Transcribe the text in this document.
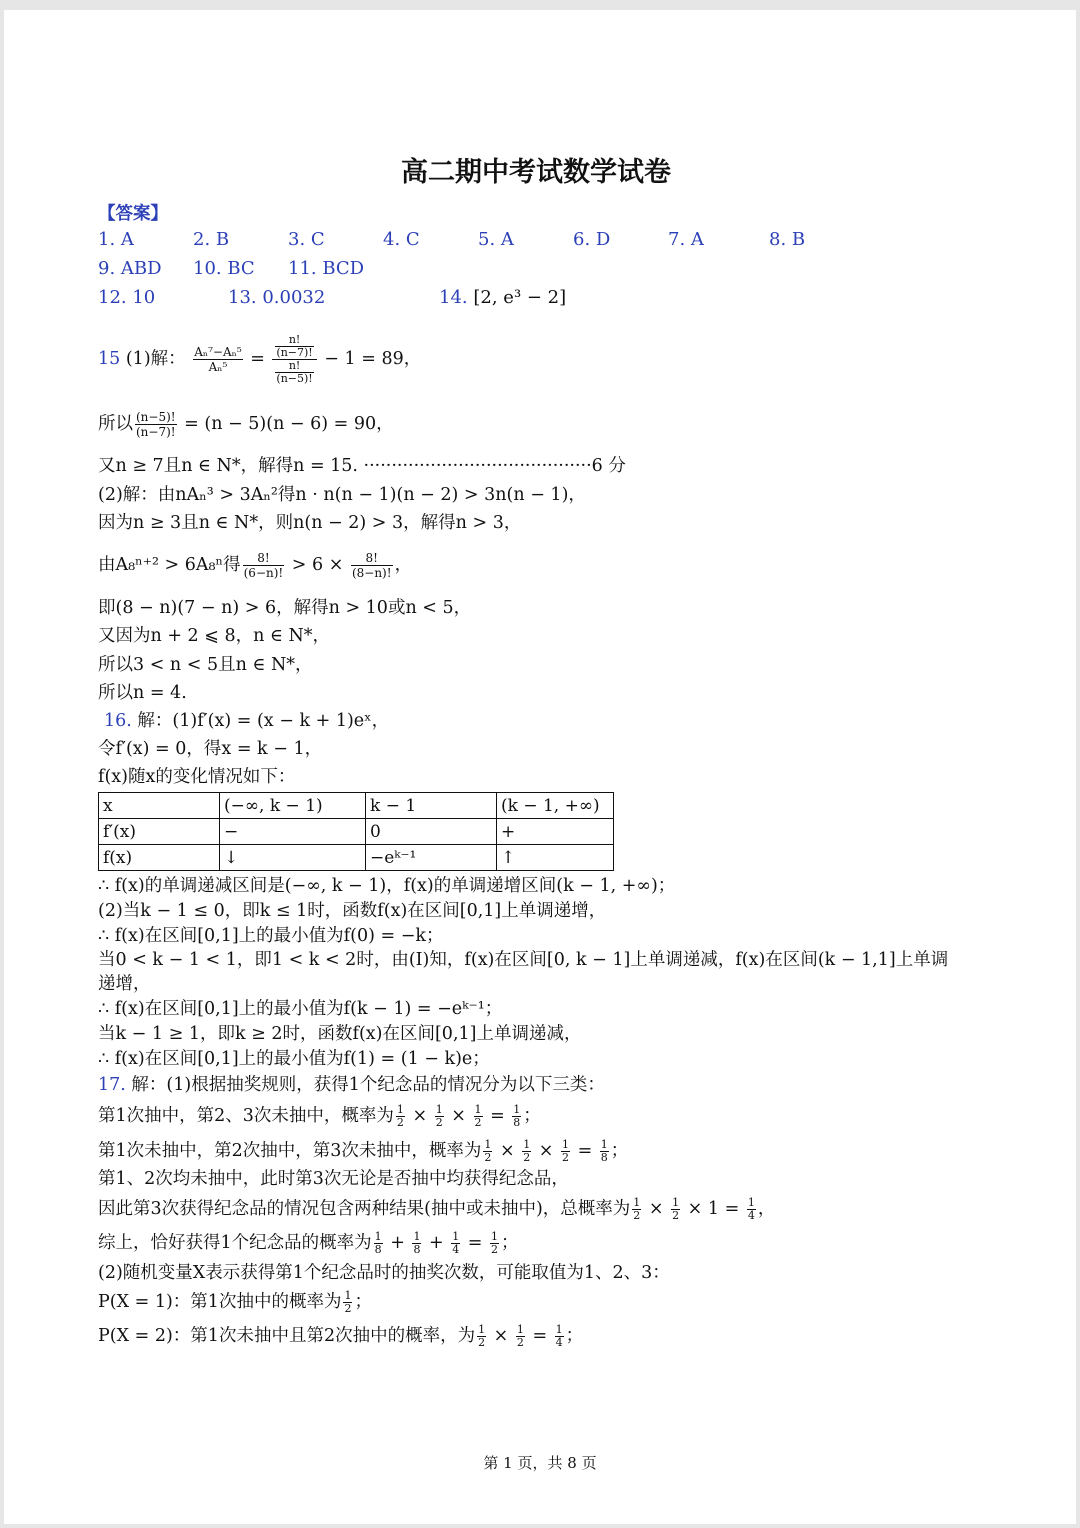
高二期中考试数学试卷
【答案】
1. A	2. B	3. C	4. C	5. A	6. D	7. A	8. B
9. ABD 10. BC 11. BCD
12. 10	13. 0.0032	14. [2, e³ − 2]
15 (1)解： $\frac{\text{Aₙ⁷−Aₙ⁵}}{\text{Aₙ⁵}} = \frac{\frac{n!}{(n-7)!}}{\frac{n!}{(n-5)!}} - 1 = 89$，
所以 $\frac{(n-5)!}{(n-7)!} = (n - 5)(n - 6) = 90$，
又n ≥ 7且n ∈ N*，解得n = 15. ·········································6 分
(2)解：由nAₙ³ > 3Aₙ²得n · n(n − 1)(n − 2) > 3n(n − 1)，
因为n ≥ 3且n ∈ N*，则n(n − 2) > 3，解得n > 3，
由A₈ⁿ⁺² > 6A₈ⁿ得 $\frac{8!}{(6-n)!} > 6 \times \frac{8!}{(8-n)!}$ ，
即(8 − n)(7 − n) > 6，解得n > 10或n < 5，
又因为n + 2 ⩽ 8，n ∈ N*，
所以3 < n < 5且n ∈ N*，
所以n = 4.
16. 解：(1)f′(x) = (x − k + 1)eˣ，
令f′(x) = 0，得x = k − 1，
f(x)随x的变化情况如下：
x	(−∞, k − 1)	k − 1	(k − 1, +∞)
f′(x)	−	0	+
f(x)	↓	−eᵏ⁻¹	↑
∴ f(x)的单调递减区间是(−∞, k − 1)，f(x)的单调递增区间(k − 1, +∞)；
(2)当k − 1 ≤ 0，即k ≤ 1时，函数f(x)在区间[0,1]上单调递增，
∴ f(x)在区间[0,1]上的最小值为f(0) = −k；
当0 < k − 1 < 1，即1 < k < 2时，由(I)知，f(x)在区间[0, k − 1]上单调递减，f(x)在区间(k − 1,1]上单调
递增，
∴ f(x)在区间[0,1]上的最小值为f(k − 1) = −eᵏ⁻¹；
当k − 1 ≥ 1，即k ≥ 2时，函数f(x)在区间[0,1]上单调递减，
∴ f(x)在区间[0,1]上的最小值为f(1) = (1 − k)e；
17. 解：(1)根据抽奖规则，获得1个纪念品的情况分为以下三类：
第1次抽中，第2、3次未抽中，概率为 $\frac{1}{2} \times \frac{1}{2} \times \frac{1}{2} = \frac{1}{8}$ ；
第1次未抽中，第2次抽中，第3次未抽中，概率为 $\frac{1}{2} \times \frac{1}{2} \times \frac{1}{2} = \frac{1}{8}$ ；
第1、2次均未抽中，此时第3次无论是否抽中均获得纪念品，
因此第3次获得纪念品的情况包含两种结果(抽中或未抽中)，总概率为 $\frac{1}{2} \times \frac{1}{2} \times 1 = \frac{1}{4}$ ，
综上，恰好获得1个纪念品的概率为 $\frac{1}{8} + \frac{1}{8} + \frac{1}{4} = \frac{1}{2}$ ；
(2)随机变量X表示获得第1个纪念品时的抽奖次数，可能取值为1、2、3：
P(X = 1)：第1次抽中的概率为 $\frac{1}{2}$ ；
P(X = 2)：第1次未抽中且第2次抽中的概率，为 $\frac{1}{2} \times \frac{1}{2} = \frac{1}{4}$ ；
第 1 页，共 8 页
